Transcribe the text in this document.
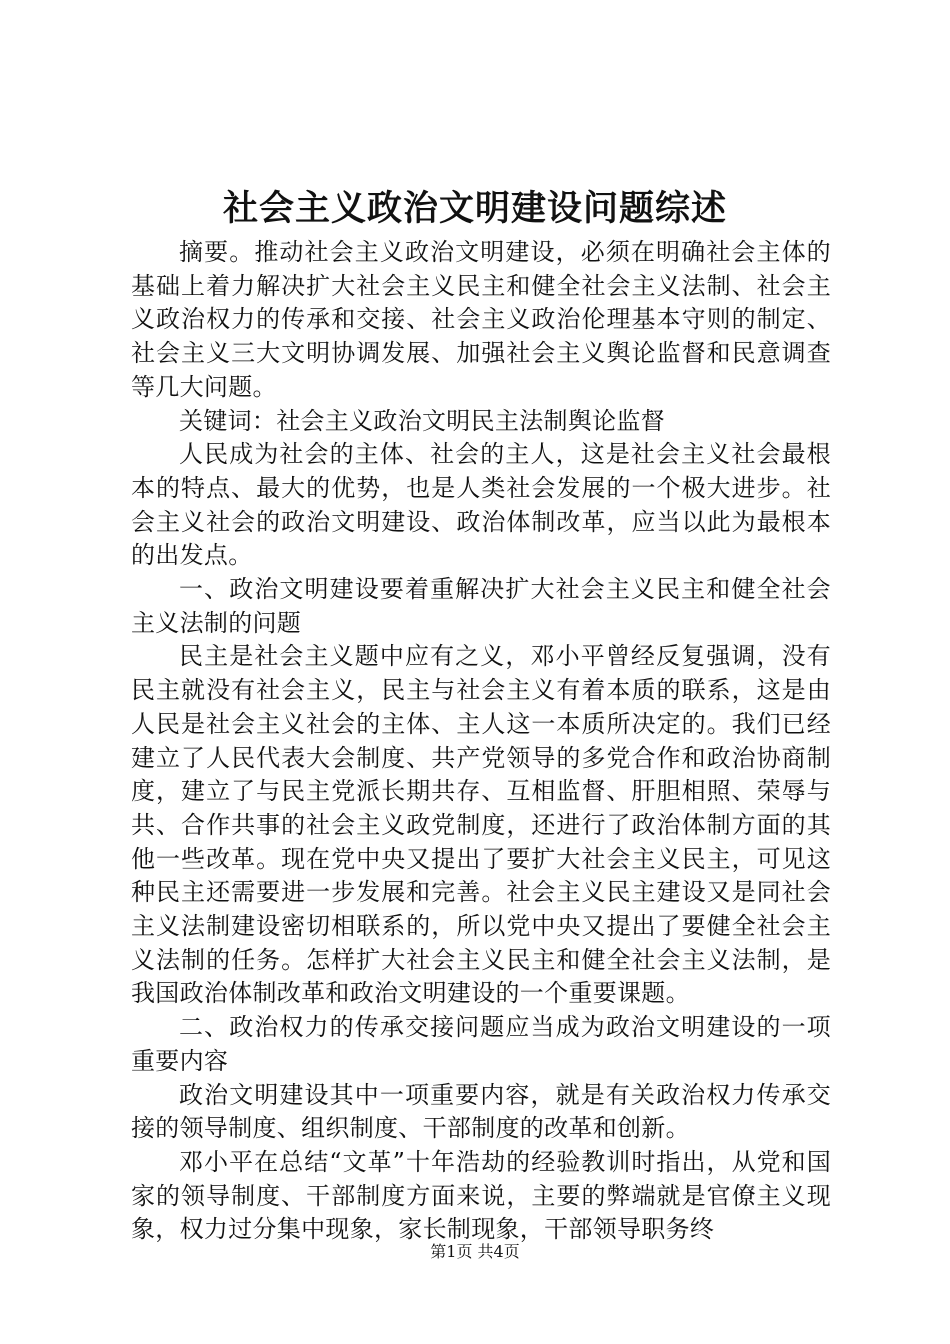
社会主义政治文明建设问题综述

摘要。推动社会主义政治文明建设，必须在明确社会主体的基础上着力解决扩大社会主义民主和健全社会主义法制、社会主义政治权力的传承和交接、社会主义政治伦理基本守则的制定、社会主义三大文明协调发展、加强社会主义舆论监督和民意调查等几大问题。

关键词：社会主义政治文明民主法制舆论监督

人民成为社会的主体、社会的主人，这是社会主义社会最根本的特点、最大的优势，也是人类社会发展的一个极大进步。社会主义社会的政治文明建设、政治体制改革，应当以此为最根本的出发点。

一、政治文明建设要着重解决扩大社会主义民主和健全社会主义法制的问题

民主是社会主义题中应有之义，邓小平曾经反复强调，没有民主就没有社会主义，民主与社会主义有着本质的联系，这是由人民是社会主义社会的主体、主人这一本质所决定的。我们已经建立了人民代表大会制度、共产党领导的多党合作和政治协商制度，建立了与民主党派长期共存、互相监督、肝胆相照、荣辱与共、合作共事的社会主义政党制度，还进行了政治体制方面的其他一些改革。现在党中央又提出了要扩大社会主义民主，可见这种民主还需要进一步发展和完善。社会主义民主建设又是同社会主义法制建设密切相联系的，所以党中央又提出了要健全社会主义法制的任务。怎样扩大社会主义民主和健全社会主义法制，是我国政治体制改革和政治文明建设的一个重要课题。

二、政治权力的传承交接问题应当成为政治文明建设的一项重要内容

政治文明建设其中一项重要内容，就是有关政治权力传承交接的领导制度、组织制度、干部制度的改革和创新。

邓小平在总结“文革”十年浩劫的经验教训时指出，从党和国家的领导制度、干部制度方面来说，主要的弊端就是官僚主义现象，权力过分集中现象，家长制现象，干部领导职务终

第1页 共4页
